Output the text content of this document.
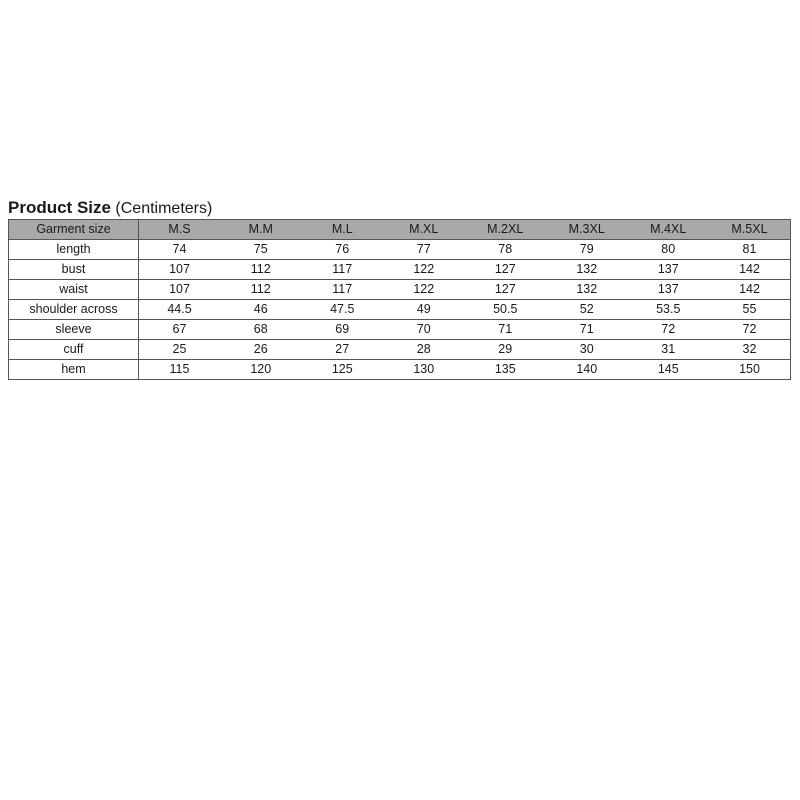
Product Size (Centimeters)
Garment size	M.S	M.M	M.L	M.XL	M.2XL	M.3XL	M.4XL	M.5XL
length	74	75	76	77	78	79	80	81
bust	107	112	117	122	127	132	137	142
waist	107	112	117	122	127	132	137	142
shoulder across	44.5	46	47.5	49	50.5	52	53.5	55
sleeve	67	68	69	70	71	71	72	72
cuff	25	26	27	28	29	30	31	32
hem	115	120	125	130	135	140	145	150
